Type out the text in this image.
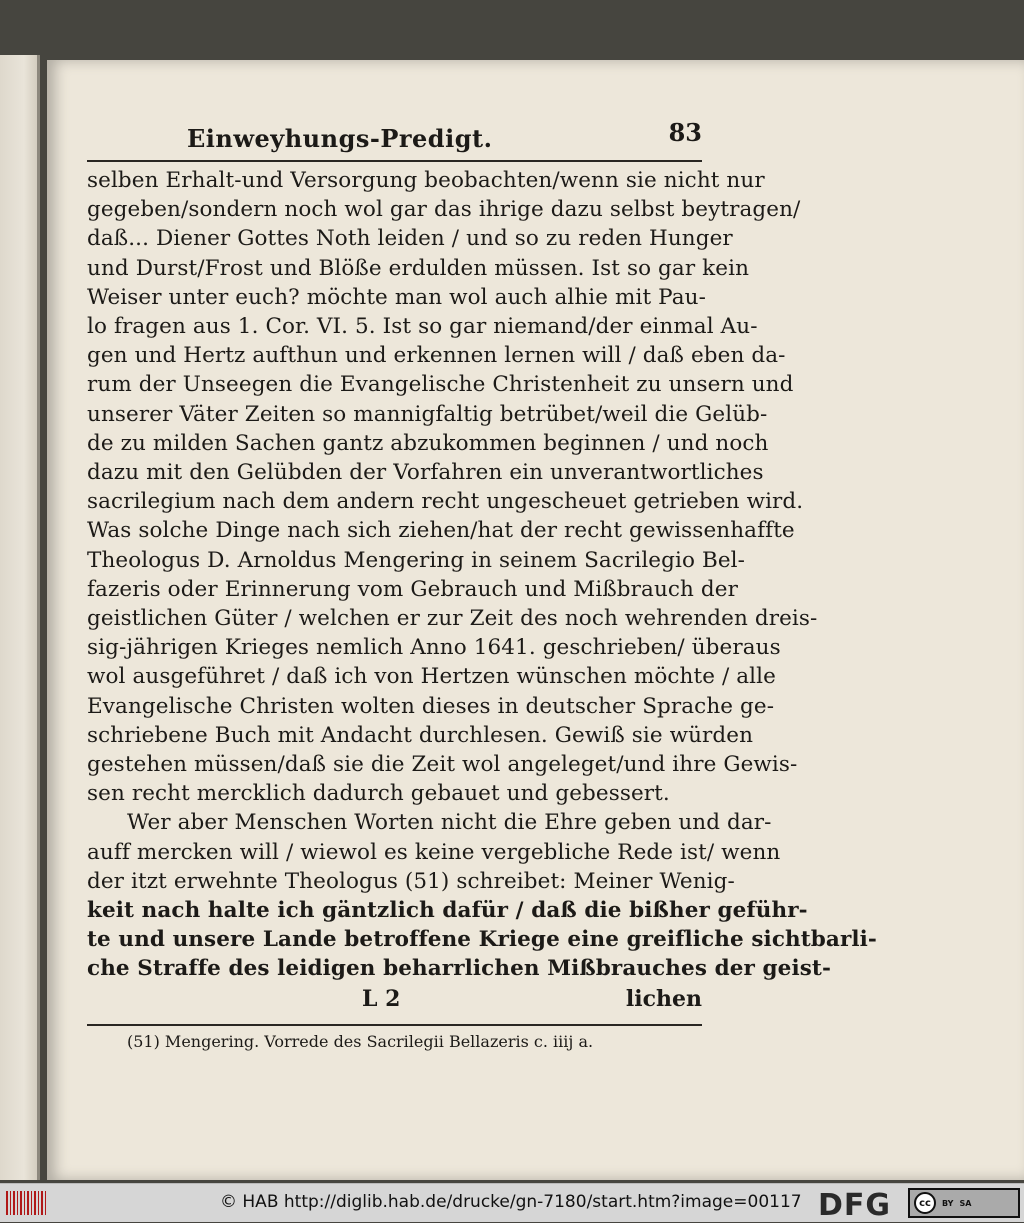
Einweyhungs-Predigt.	83
selben Erhalt-und Versorgung beobachten/wenn sie nicht nur
gegeben/sondern noch wol gar das ihrige dazu selbst beytragen/
daß... Diener Gottes Noth leiden / und so zu reden Hunger
und Durst/Frost und Blöße erdulden müssen. Ist so gar kein
Weiser unter euch? möchte man wol auch alhie mit Pau-
lo fragen aus 1. Cor. VI. 5. Ist so gar niemand/der einmal Au-
gen und Hertz aufthun und erkennen lernen will / daß eben da-
rum der Unseegen die Evangelische Christenheit zu unsern und
unserer Väter Zeiten so mannigfaltig betrübet/weil die Gelüb-
de zu milden Sachen gantz abzukommen beginnen / und noch
dazu mit den Gelübden der Vorfahren ein unverantwortliches
sacrilegium nach dem andern recht ungescheuet getrieben wird.
Was solche Dinge nach sich ziehen/hat der recht gewissenhaffte
Theologus D. Arnoldus Mengering in seinem Sacrilegio Bel-
fazeris oder Erinnerung vom Gebrauch und Mißbrauch der
geistlichen Güter / welchen er zur Zeit des noch wehrenden dreis-
sig-jährigen Krieges nemlich Anno 1641. geschrieben/ überaus
wol ausgeführet / daß ich von Hertzen wünschen möchte / alle
Evangelische Christen wolten dieses in deutscher Sprache ge-
schriebene Buch mit Andacht durchlesen. Gewiß sie würden
gestehen müssen/daß sie die Zeit wol angeleget/und ihre Gewis-
sen recht mercklich dadurch gebauet und gebessert.
Wer aber Menschen Worten nicht die Ehre geben und dar-
auff mercken will / wiewol es keine vergebliche Rede ist/ wenn
der itzt erwehnte Theologus (51) schreibet: Meiner Wenig-
keit nach halte ich gäntzlich dafür / daß die bißher geführ-
te und unsere Lande betroffene Kriege eine greifliche sichtbarli-
che Straffe des leidigen beharrlichen Mißbrauches der geist-
L 2	lichen
(51) Mengering. Vorrede des Sacrilegii Bellazeris c. iiij a.
© HAB http://diglib.hab.de/drucke/gn-7180/start.htm?image=00117 DFG	cc	BY SA
